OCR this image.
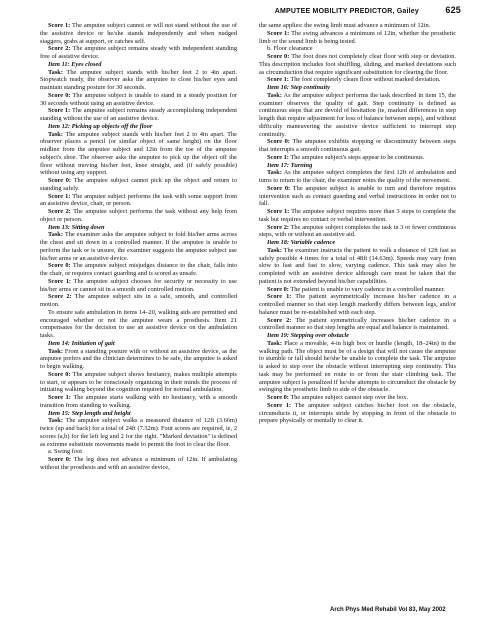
AMPUTEE MOBILITY PREDICTOR, Gailey	625

Score 1: The amputee subject cannot or will not stand without the use of the assistive device or he/she stands independently and when nudged staggers, grabs at support, or catches self.

Score 2: The amputee subject remains steady with independent standing free of assistive device.

Item 11: Eyes closed

Task: The amputee subject stands with his/her feet 2 to 4in apart. Stopwatch ready, the observer asks the amputee to close his/her eyes and maintain standing posture for 30 seconds.

Score 0: The amputee subject is unable to stand in a steady position for 30 seconds without using an assistive device.

Score 1: The amputee subject remains steady accomplishing independent standing without the use of an assistive device.

Item 12: Picking up objects off the floor

Task: The amputee subject stands with his/her feet 2 to 4in apart. The observer places a pencil (or similar object of same height) on the floor midline from the amputee subject and 12in from the toe of the amputee subject's shoe. The observer asks the amputee to pick up the object off the floor without moving his/her feet, knee straight, and (if safely possible) without using any support.

Score 0: The amputee subject cannot pick up the object and return to standing safely.

Score 1: The amputee subject performs the task with some support from an assistive device, chair, or person.

Score 2: The amputee subject performs the task without any help from object or person.

Item 13: Sitting down

Task: The examiner asks the amputee subject to fold his/her arms across the chest and sit down in a controlled manner. If the amputee is unable to perform the task or is unsure, the examiner suggests the amputee subject use his/her arms or an assistive device.

Score 0: The amputee subject misjudges distance to the chair, falls into the chair, or requires contact guarding and is scored as unsafe.

Score 1: The amputee subject chooses for security or necessity to use his/her arms or cannot sit in a smooth and controlled motion.

Score 2: The amputee subject sits in a safe, smooth, and controlled motion.

To ensure safe ambulation in items 14–20, walking aids are permitted and encouraged whether or not the amputee wears a prosthesis. Item 21 compensates for the decision to use an assistive device on the ambulation tasks.

Item 14: Initiation of gait

Task: From a standing posture with or without an assistive device, as the amputee prefers and the clinician determines to be safe, the amputee is asked to begin walking.

Score 0: The amputee subject shows hesitancy, makes multiple attempts to start, or appears to be consciously organizing in their minds the process of initiating walking beyond the cognition required for normal ambulation.

Score 1: The amputee starts walking with no hesitancy, with a smooth transition from standing to walking.

Item 15: Step length and height

Task: The amputee subject walks a measured distance of 12ft (3.66m) twice (up and back) for a total of 24ft (7.32m). Four scores are required, ie, 2 scores (a,b) for the left leg and 2 for the right. "Marked deviation" is defined as extreme substitute movements made to permit the foot to clear the floor.

a. Swing foot

Score 0: The leg does not advance a minimum of 12in. If ambulating without the prosthesis and with an assistive device,

the same applies: the swing limb must advance a minimum of 12in.

Score 1: The swing advances a minimum of 12in, whether the prosthetic limb or the sound limb is being tested.

b. Floor clearance

Score 0: The foot does not completely clear floor with step or deviation. This description includes foot shuffling, sliding, and marked deviations such as circumduction that require significant substitution for clearing the floor.

Score 1: The foot completely clears floor without marked deviation.

Item 16: Step continuity

Task: As the amputee subject performs the task described in item 15, the examiner observes the quality of gait. Step continuity is defined as continuous steps that are devoid of hesitation (ie, marked differences in step length that require adjustment for loss of balance between steps), and without difficulty maneuvering the assistive device sufficient to interrupt step continuity.

Score 0: The amputee exhibits stopping or discontinuity between steps that interrupts a smooth continuous gait.

Score 1: The amputee subject's steps appear to be continuous.

Item 17: Turning

Task: As the amputee subject completes the first 12ft of ambulation and turns to return to the chair, the examiner notes the quality of the movement.

Score 0: The amputee subject is unable to turn and therefore requires intervention such as contact guarding and verbal instructions in order not to fall.

Score 1: The amputee subject requires more than 3 steps to complete the task but requires no contact or verbal intervention.

Score 2: The amputee subject completes the task in 3 or fewer continuous steps, with or without an assistive aid.

Item 18: Variable cadence

Task: The examiner instructs the patient to walk a distance of 12ft fast as safely possible 4 times for a total of 48ft (14.63m). Speeds may vary from slow to fast and fast to slow, varying cadence. This task may also be completed with an assistive device although care must be taken that the patient is not extended beyond his/her capabilities.

Score 0: The patient is unable to vary cadence in a controlled manner.

Score 1: The patient asymmetrically increase his/her cadence in a controlled manner so that step length markedly differs between legs, and/or balance must be re-established with each step.

Score 2: The patient symmetrically increases his/her cadence in a controlled manner so that step lengths are equal and balance is maintained.

Item 19: Stepping over obstacle

Task: Place a movable, 4-in high box or hurdle (length, 18–24in) in the walking path. The object must be of a design that will not cause the amputee to stumble or fall should he/she be unable to complete the task. The amputee is asked to step over the obstacle without interrupting step continuity. This task may be performed en route to or from the stair climbing task. The amputee subject is penalized if he/she attempts to circumduct the obstacle by swinging the prosthetic limb to side of the obstacle.

Score 0: The amputee subject cannot step over the box.

Score 1: The amputee subject catches his/her foot on the obstacle, circumducts it, or interrupts stride by stopping in front of the obstacle to prepare physically or mentally to clear it.

Arch Phys Med Rehabil Vol 83, May 2002
